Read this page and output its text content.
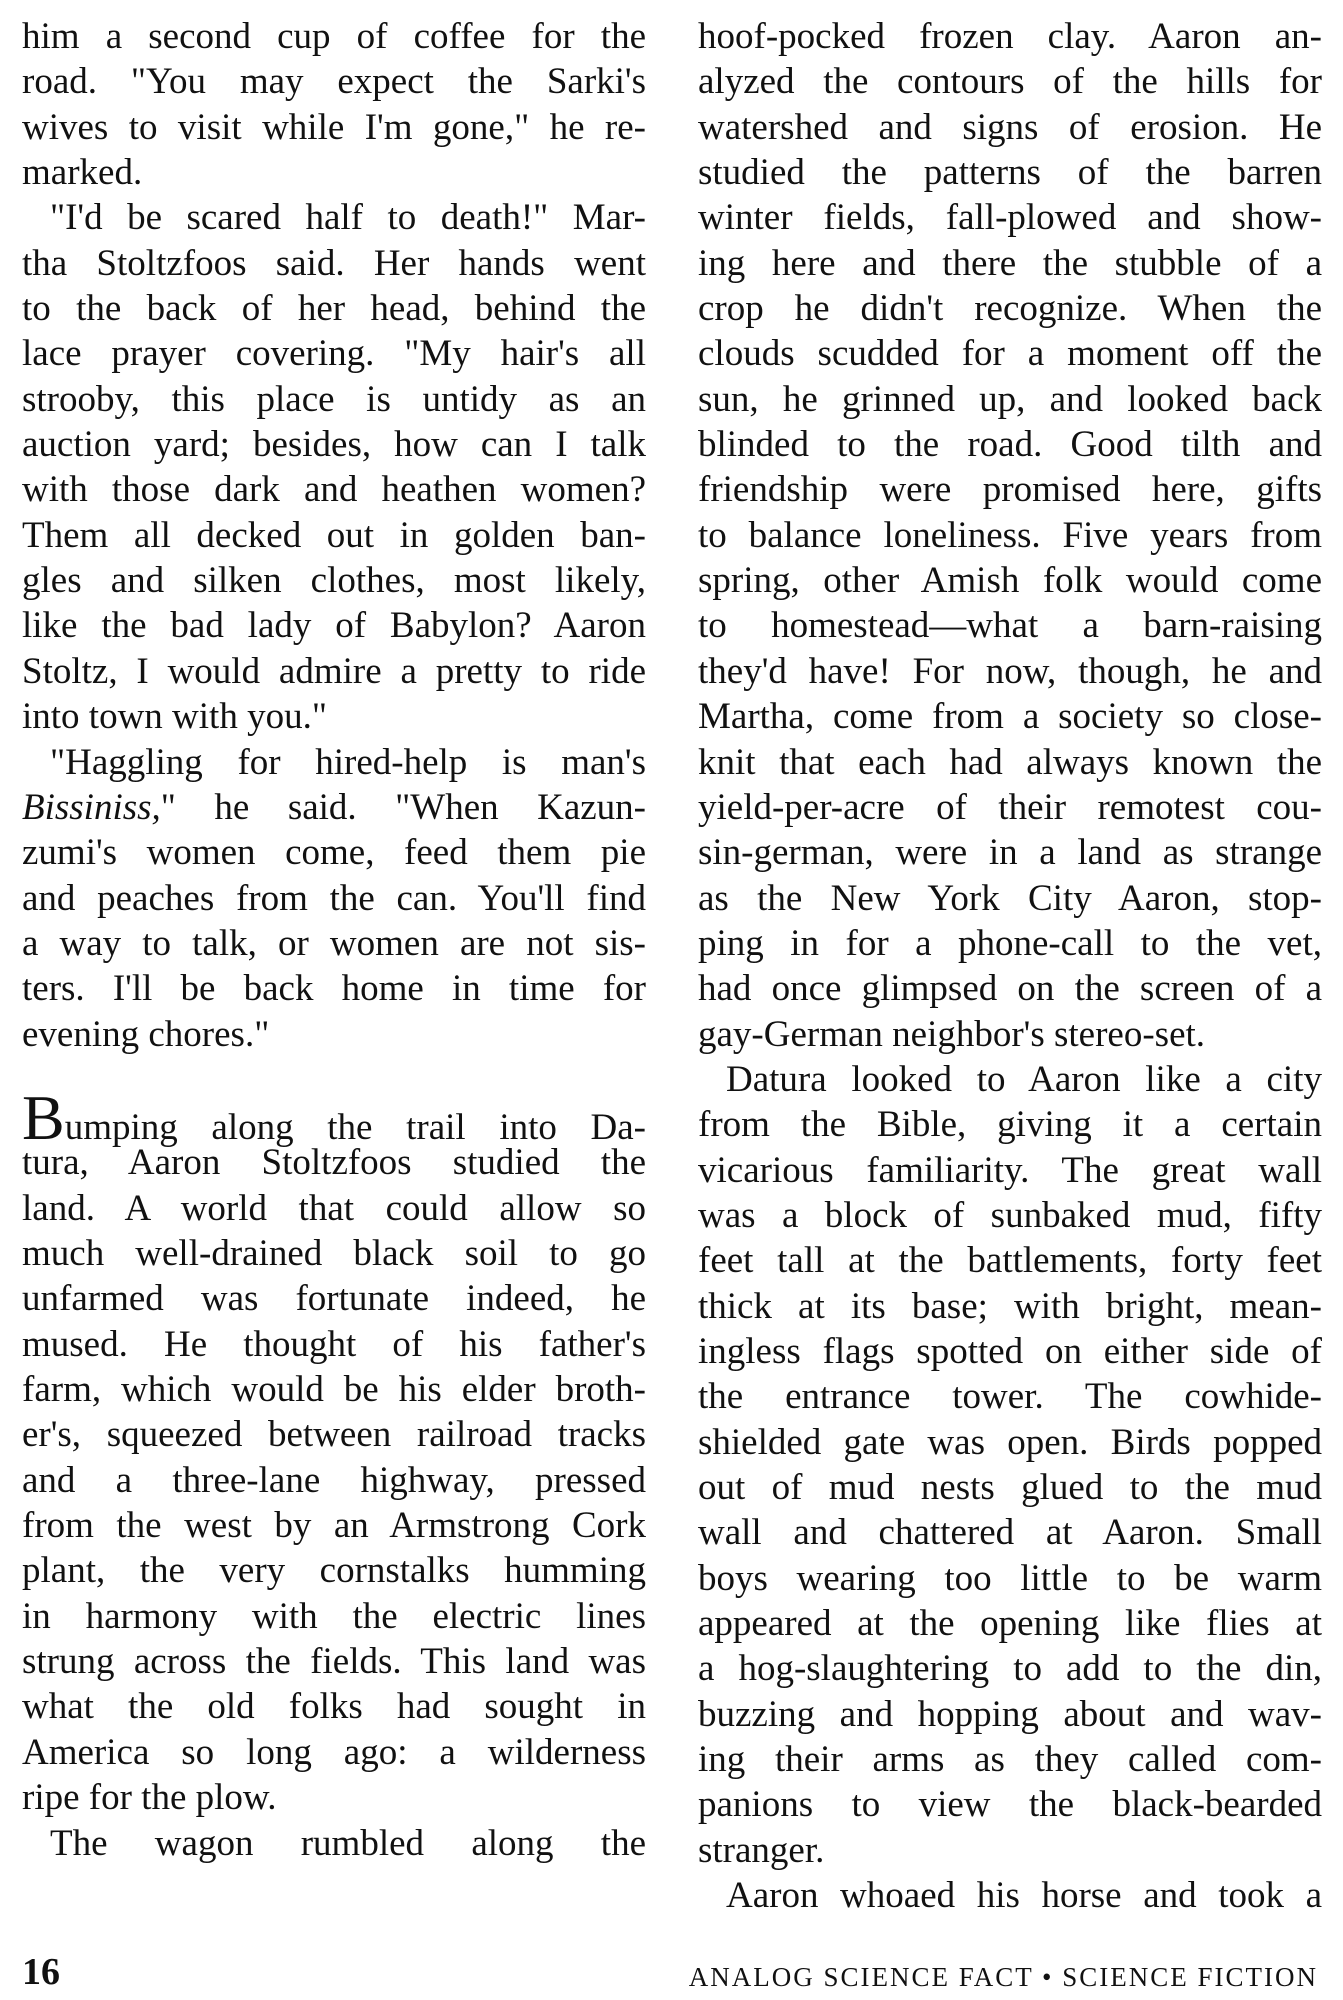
him a second cup of coffee for the
road. "You may expect the Sarki's
wives to visit while I'm gone," he re-
marked.
"I'd be scared half to death!" Mar-
tha Stoltzfoos said. Her hands went
to the back of her head, behind the
lace prayer covering. "My hair's all
strooby, this place is untidy as an
auction yard; besides, how can I talk
with those dark and heathen women?
Them all decked out in golden ban-
gles and silken clothes, most likely,
like the bad lady of Babylon? Aaron
Stoltz, I would admire a pretty to ride
into town with you."
"Haggling for hired-help is man's
Bissiniss," he said. "When Kazun-
zumi's women come, feed them pie
and peaches from the can. You'll find
a way to talk, or women are not sis-
ters. I'll be back home in time for
evening chores."
Bumping along the trail into Da-
tura, Aaron Stoltzfoos studied the
land. A world that could allow so
much well-drained black soil to go
unfarmed was fortunate indeed, he
mused. He thought of his father's
farm, which would be his elder broth-
er's, squeezed between railroad tracks
and a three-lane highway, pressed
from the west by an Armstrong Cork
plant, the very cornstalks humming
in harmony with the electric lines
strung across the fields. This land was
what the old folks had sought in
America so long ago: a wilderness
ripe for the plow.
The wagon rumbled along the
hoof-pocked frozen clay. Aaron an-
alyzed the contours of the hills for
watershed and signs of erosion. He
studied the patterns of the barren
winter fields, fall-plowed and show-
ing here and there the stubble of a
crop he didn't recognize. When the
clouds scudded for a moment off the
sun, he grinned up, and looked back
blinded to the road. Good tilth and
friendship were promised here, gifts
to balance loneliness. Five years from
spring, other Amish folk would come
to homestead—what a barn-raising
they'd have! For now, though, he and
Martha, come from a society so close-
knit that each had always known the
yield-per-acre of their remotest cou-
sin-german, were in a land as strange
as the New York City Aaron, stop-
ping in for a phone-call to the vet,
had once glimpsed on the screen of a
gay-German neighbor's stereo-set.
Datura looked to Aaron like a city
from the Bible, giving it a certain
vicarious familiarity. The great wall
was a block of sunbaked mud, fifty
feet tall at the battlements, forty feet
thick at its base; with bright, mean-
ingless flags spotted on either side of
the entrance tower. The cowhide-
shielded gate was open. Birds popped
out of mud nests glued to the mud
wall and chattered at Aaron. Small
boys wearing too little to be warm
appeared at the opening like flies at
a hog-slaughtering to add to the din,
buzzing and hopping about and wav-
ing their arms as they called com-
panions to view the black-bearded
stranger.
Aaron whoaed his horse and took a
16	ANALOG SCIENCE FACT • SCIENCE FICTION
